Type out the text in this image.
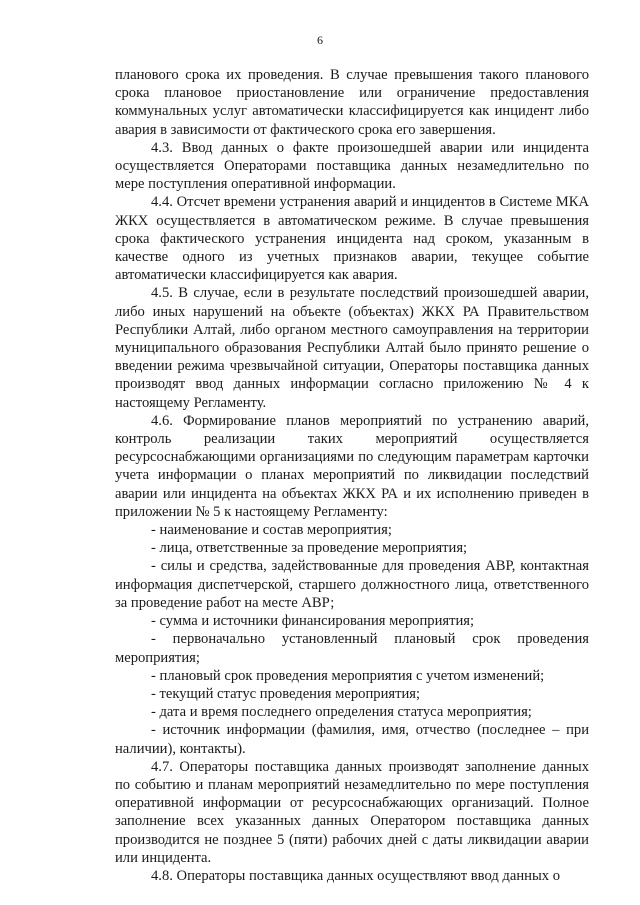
6

планового срока их проведения. В случае превышения такого планового срока плановое приостановление или ограничение предоставления коммунальных услуг автоматически классифицируется как инцидент либо авария в зависимости от фактического срока его завершения.

4.3. Ввод данных о факте произошедшей аварии или инцидента осуществляется Операторами поставщика данных незамедлительно по мере поступления оперативной информации.

4.4. Отсчет времени устранения аварий и инцидентов в Системе МКА ЖКХ осуществляется в автоматическом режиме. В случае превышения срока фактического устранения инцидента над сроком, указанным в качестве одного из учетных признаков аварии, текущее событие автоматически классифицируется как авария.

4.5. В случае, если в результате последствий произошедшей аварии, либо иных нарушений на объекте (объектах) ЖКХ РА Правительством Республики Алтай, либо органом местного самоуправления на территории муниципального образования Республики Алтай было принято решение о введении режима чрезвычайной ситуации, Операторы поставщика данных производят ввод данных информации согласно приложению № 4 к настоящему Регламенту.

4.6. Формирование планов мероприятий по устранению аварий, контроль реализации таких мероприятий осуществляется ресурсоснабжающими организациями по следующим параметрам карточки учета информации о планах мероприятий по ликвидации последствий аварии или инцидента на объектах ЖКХ РА и их исполнению приведен в приложении № 5 к настоящему Регламенту:

- наименование и состав мероприятия;

- лица, ответственные за проведение мероприятия;

- силы и средства, задействованные для проведения АВР, контактная информация диспетчерской, старшего должностного лица, ответственного за проведение работ на месте АВР;

- сумма и источники финансирования мероприятия;

- первоначально установленный плановый срок проведения мероприятия;

- плановый срок проведения мероприятия с учетом изменений;

- текущий статус проведения мероприятия;

- дата и время последнего определения статуса мероприятия;

- источник информации (фамилия, имя, отчество (последнее – при наличии), контакты).

4.7. Операторы поставщика данных производят заполнение данных по событию и планам мероприятий незамедлительно по мере поступления оперативной информации от ресурсоснабжающих организаций. Полное заполнение всех указанных данных Оператором поставщика данных производится не позднее 5 (пяти) рабочих дней с даты ликвидации аварии или инцидента.

4.8. Операторы поставщика данных осуществляют ввод данных о
